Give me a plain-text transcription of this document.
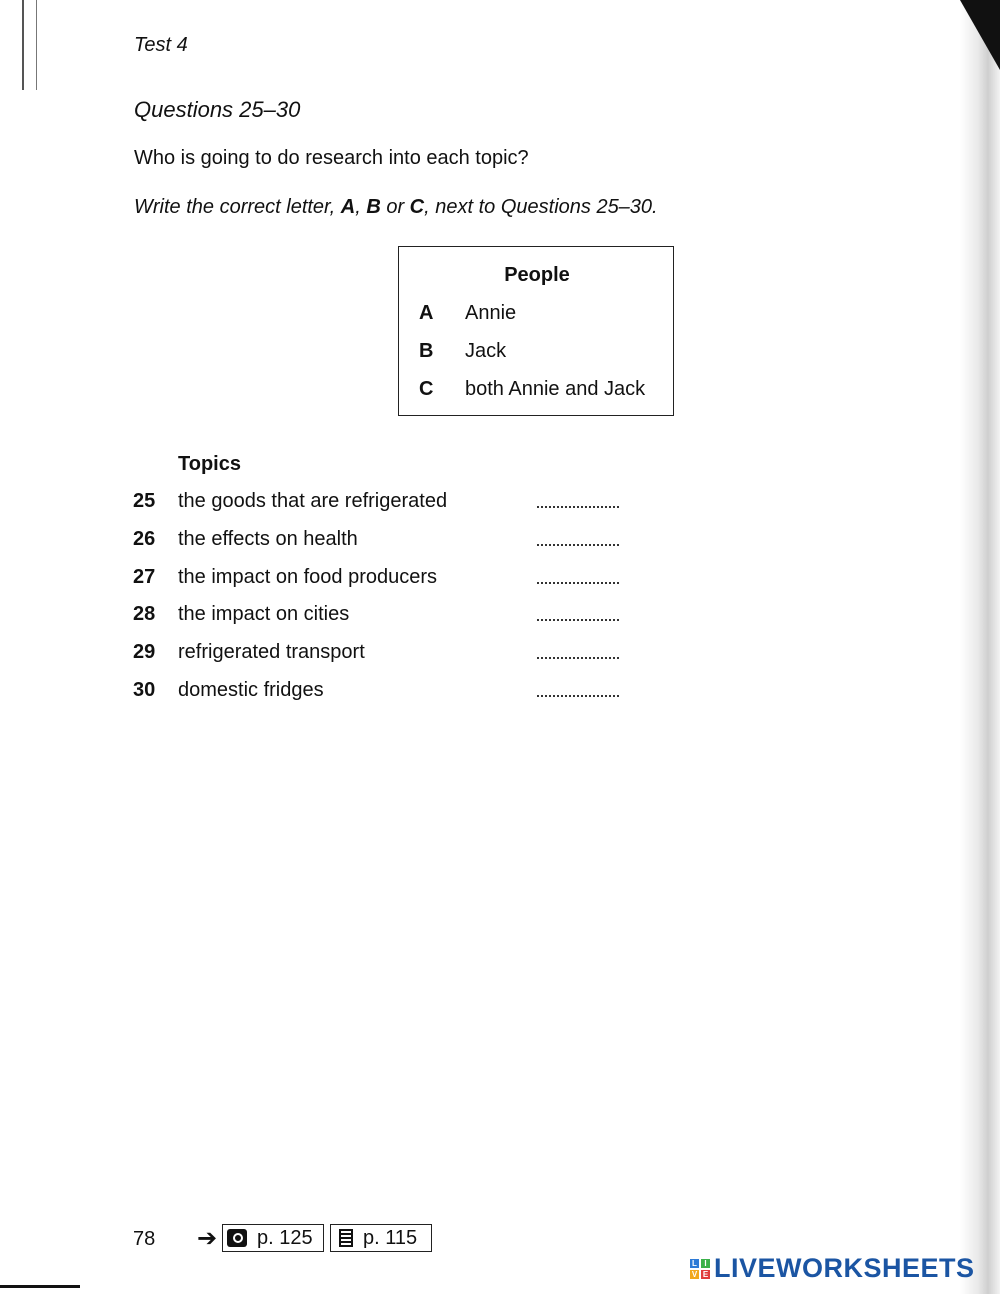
Test 4
Questions 25–30
Who is going to do research into each topic?
Write the correct letter, A, B or C, next to Questions 25–30.
People
A Annie
B Jack
C both Annie and Jack
Topics
25 the goods that are refrigerated
26 the effects on health
27 the impact on food producers
28 the impact on cities
29 refrigerated transport
30 domestic fridges
78 ➔ p. 125	p. 115
L I
V E LIVEWORKSHEETS
